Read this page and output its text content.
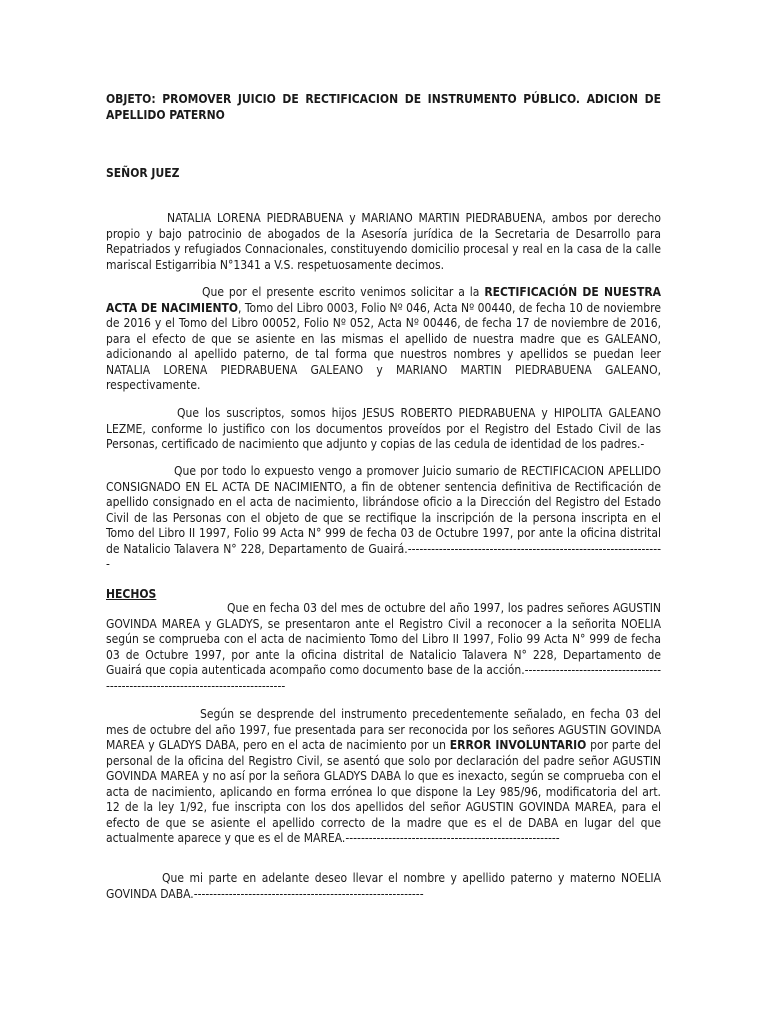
OBJETO: PROMOVER JUICIO DE RECTIFICACION DE INSTRUMENTO PÚBLICO. ADICION DE APELLIDO PATERNO
SEÑOR JUEZ
NATALIA LORENA PIEDRABUENA y MARIANO MARTIN PIEDRABUENA, ambos por derecho propio y bajo patrocinio de abogados de la Asesoría jurídica de la Secretaria de Desarrollo para Repatriados y refugiados Connacionales, constituyendo domicilio procesal y real en la casa de la calle mariscal Estigarribia N°1341 a V.S. respetuosamente decimos.
Que por el presente escrito venimos solicitar a la RECTIFICACIÓN DE NUESTRA ACTA DE NACIMIENTO, Tomo del Libro 0003, Folio Nº 046, Acta Nº 00440, de fecha 10 de noviembre de 2016 y el Tomo del Libro 00052, Folio Nº 052, Acta Nº 00446, de fecha 17 de noviembre de 2016, para el efecto de que se asiente en las mismas el apellido de nuestra madre que es GALEANO, adicionando al apellido paterno, de tal forma que nuestros nombres y apellidos se puedan leer NATALIA LORENA PIEDRABUENA GALEANO y MARIANO MARTIN PIEDRABUENA GALEANO, respectivamente.
Que los suscriptos, somos hijos JESUS ROBERTO PIEDRABUENA y HIPOLITA GALEANO LEZME, conforme lo justifico con los documentos proveídos por el Registro del Estado Civil de las Personas, certificado de nacimiento que adjunto y copias de las cedula de identidad de los padres.-
Que por todo lo expuesto vengo a promover Juicio sumario de RECTIFICACION APELLIDO CONSIGNADO EN EL ACTA DE NACIMIENTO, a fin de obtener sentencia definitiva de Rectificación de apellido consignado en el acta de nacimiento, librándose oficio a la Dirección del Registro del Estado Civil de las Personas con el objeto de que se rectifique la inscripción de la persona inscripta en el Tomo del Libro II 1997, Folio 99 Acta N° 999 de fecha 03 de Octubre 1997, por ante la oficina distrital de Natalicio Talavera N° 228, Departamento de Guairá.------------------------------------------------------------------
HECHOS
Que en fecha 03 del mes de octubre del año 1997, los padres señores AGUSTIN GOVINDA MAREA y GLADYS, se presentaron ante el Registro Civil a reconocer a la señorita NOELIA según se comprueba con el acta de nacimiento Tomo del Libro II 1997, Folio 99 Acta N° 999 de fecha 03 de Octubre 1997, por ante la oficina distrital de Natalicio Talavera N° 228, Departamento de Guairá que copia autenticada acompaño como documento base de la acción.---------------------------------------------------------------------------------
Según se desprende del instrumento precedentemente señalado, en fecha 03 del mes de octubre del año 1997, fue presentada para ser reconocida por los señores AGUSTIN GOVINDA MAREA y GLADYS DABA, pero en el acta de nacimiento por un ERROR INVOLUNTARIO por parte del personal de la oficina del Registro Civil, se asentó que solo por declaración del padre señor AGUSTIN GOVINDA MAREA y no así por la señora GLADYS DABA lo que es inexacto, según se comprueba con el acta de nacimiento, aplicando en forma errónea lo que dispone la Ley 985/96, modificatoria del art. 12 de la ley 1/92, fue inscripta con los dos apellidos del señor AGUSTIN GOVINDA MAREA, para el efecto de que se asiente el apellido correcto de la madre que es el de DABA en lugar del que actualmente aparece y que es el de MAREA.-------------------------------------------------------
Que mi parte en adelante deseo llevar el nombre y apellido paterno y materno NOELIA GOVINDA DABA.-----------------------------------------------------------
